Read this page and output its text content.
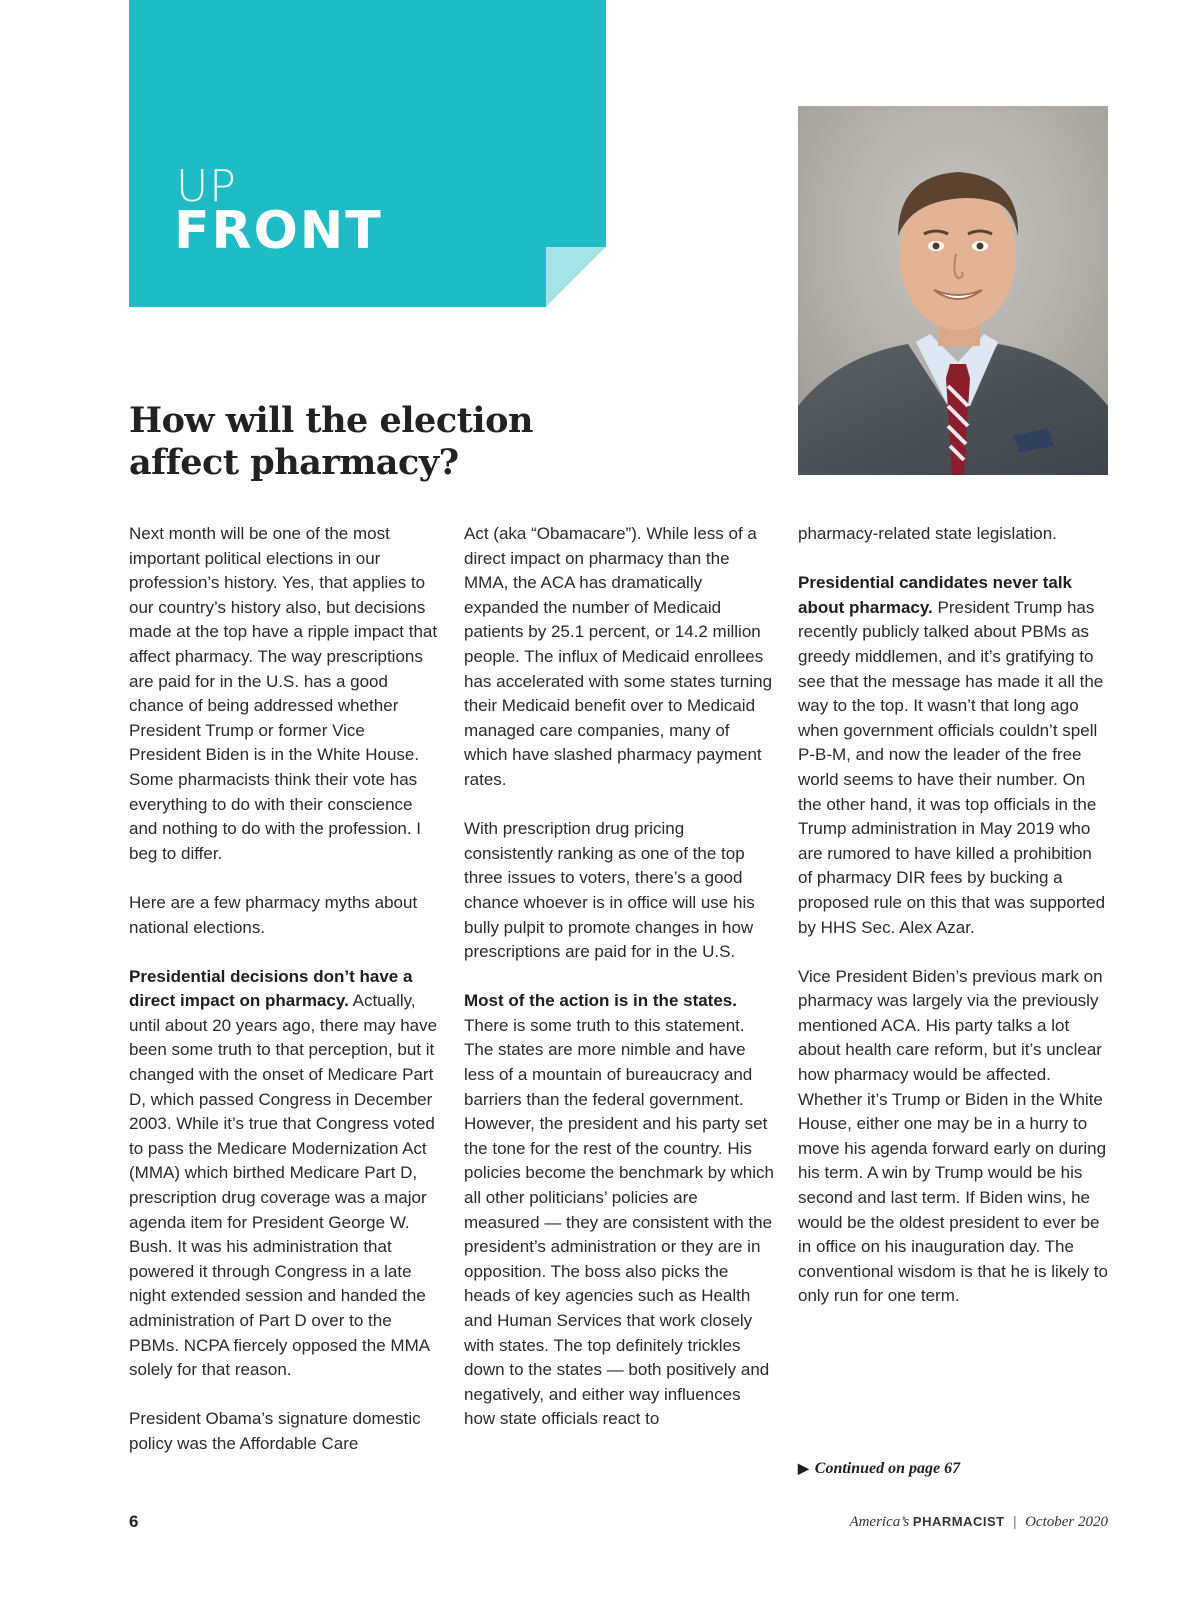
UP
FRONT
How will the election affect pharmacy?

Next month will be one of the most important political elections in our profession’s history. Yes, that applies to our country’s history also, but decisions made at the top have a ripple impact that affect pharmacy. The way prescriptions are paid for in the U.S. has a good chance of being addressed whether President Trump or former Vice President Biden is in the White House. Some pharmacists think their vote has everything to do with their conscience and nothing to do with the profession. I beg to differ.

Here are a few pharmacy myths about national elections.

Presidential decisions don’t have a direct impact on pharmacy. Actually, until about 20 years ago, there may have been some truth to that perception, but it changed with the onset of Medicare Part D, which passed Congress in December 2003. While it’s true that Congress voted to pass the Medicare Modernization Act (MMA) which birthed Medicare Part D, prescription drug coverage was a major agenda item for President George W. Bush. It was his administration that powered it through Congress in a late night extended session and handed the administration of Part D over to the PBMs. NCPA fiercely opposed the MMA solely for that reason.

President Obama’s signature domestic policy was the Affordable Care

Act (aka “Obamacare”). While less of a direct impact on pharmacy than the MMA, the ACA has dramatically expanded the number of Medicaid patients by 25.1 percent, or 14.2 million people. The influx of Medicaid enrollees has accelerated with some states turning their Medicaid benefit over to Medicaid managed care companies, many of which have slashed pharmacy payment rates.

With prescription drug pricing consistently ranking as one of the top three issues to voters, there’s a good chance whoever is in office will use his bully pulpit to promote changes in how prescriptions are paid for in the U.S.

Most of the action is in the states. There is some truth to this statement. The states are more nimble and have less of a mountain of bureaucracy and barriers than the federal government. However, the president and his party set the tone for the rest of the country. His policies become the benchmark by which all other politicians’ policies are measured — they are consistent with the president’s administration or they are in opposition. The boss also picks the heads of key agencies such as Health and Human Services that work closely with states. The top definitely trickles down to the states — both positively and negatively, and either way influences how state officials react to

pharmacy-related state legislation.

Presidential candidates never talk about pharmacy. President Trump has recently publicly talked about PBMs as greedy middlemen, and it’s gratifying to see that the message has made it all the way to the top. It wasn’t that long ago when government officials couldn’t spell P-B-M, and now the leader of the free world seems to have their number. On the other hand, it was top officials in the Trump administration in May 2019 who are rumored to have killed a prohibition of pharmacy DIR fees by bucking a proposed rule on this that was supported by HHS Sec. Alex Azar.

Vice President Biden’s previous mark on pharmacy was largely via the previously mentioned ACA. His party talks a lot about health care reform, but it’s unclear how pharmacy would be affected. Whether it’s Trump or Biden in the White House, either one may be in a hurry to move his agenda forward early on during his term. A win by Trump would be his second and last term. If Biden wins, he would be the oldest president to ever be in office on his inauguration day. The conventional wisdom is that he is likely to only run for one term.

▶ Continued on page 67
6	America’s PHARMACIST | October 2020
